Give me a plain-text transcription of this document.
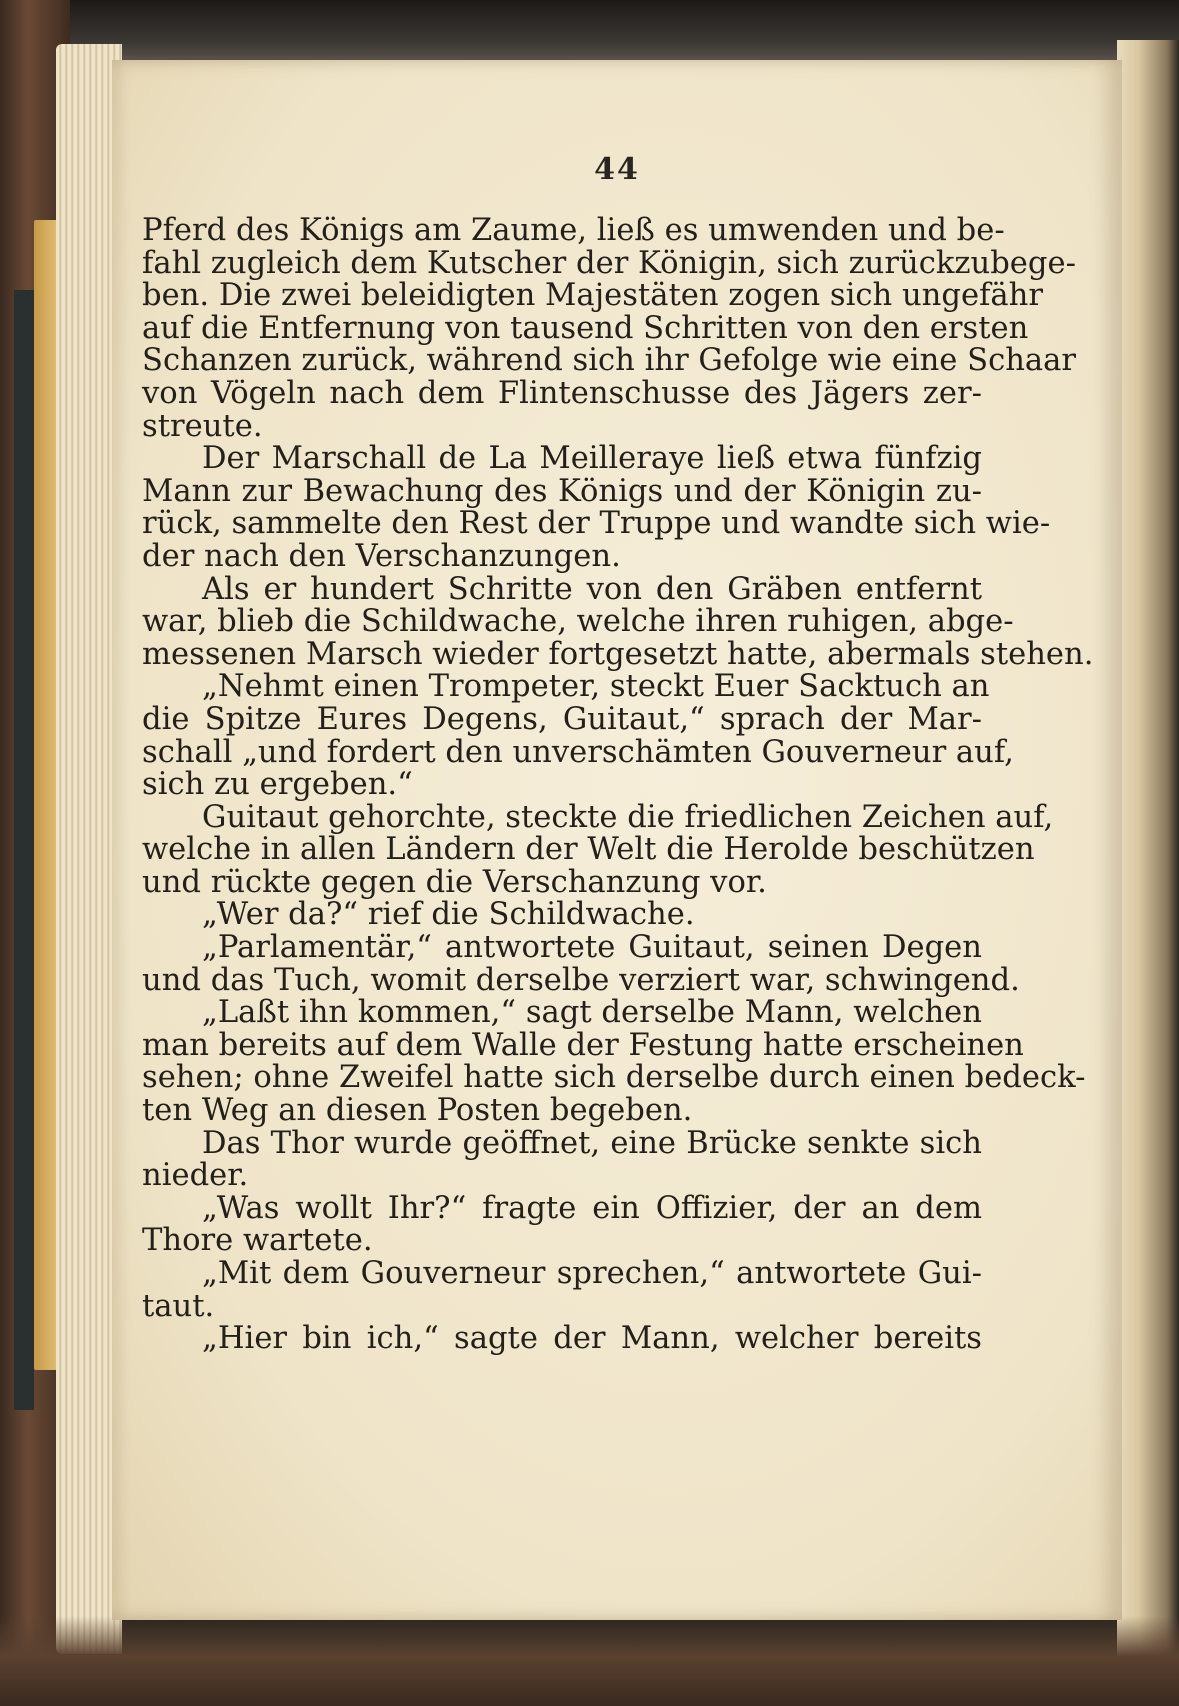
44
Pferd des Königs am Zaume, ließ es umwenden und be-
fahl zugleich dem Kutscher der Königin, sich zurückzubege-
ben. Die zwei beleidigten Majestäten zogen sich ungefähr
auf die Entfernung von tausend Schritten von den ersten
Schanzen zurück, während sich ihr Gefolge wie eine Schaar
von Vögeln nach dem Flintenschusse des Jägers zer-
streute.
Der Marschall de La Meilleraye ließ etwa fünfzig
Mann zur Bewachung des Königs und der Königin zu-
rück, sammelte den Rest der Truppe und wandte sich wie-
der nach den Verschanzungen.
Als er hundert Schritte von den Gräben entfernt
war, blieb die Schildwache, welche ihren ruhigen, abge-
messenen Marsch wieder fortgesetzt hatte, abermals stehen.
„Nehmt einen Trompeter, steckt Euer Sacktuch an
die Spitze Eures Degens, Guitaut,“ sprach der Mar-
schall „und fordert den unverschämten Gouverneur auf,
sich zu ergeben.“
Guitaut gehorchte, steckte die friedlichen Zeichen auf,
welche in allen Ländern der Welt die Herolde beschützen
und rückte gegen die Verschanzung vor.
„Wer da?“ rief die Schildwache.
„Parlamentär,“ antwortete Guitaut, seinen Degen
und das Tuch, womit derselbe verziert war, schwingend.
„Laßt ihn kommen,“ sagt derselbe Mann, welchen
man bereits auf dem Walle der Festung hatte erscheinen
sehen; ohne Zweifel hatte sich derselbe durch einen bedeck-
ten Weg an diesen Posten begeben.
Das Thor wurde geöffnet, eine Brücke senkte sich
nieder.
„Was wollt Ihr?“ fragte ein Offizier, der an dem
Thore wartete.
„Mit dem Gouverneur sprechen,“ antwortete Gui-
taut.
„Hier bin ich,“ sagte der Mann, welcher bereits
